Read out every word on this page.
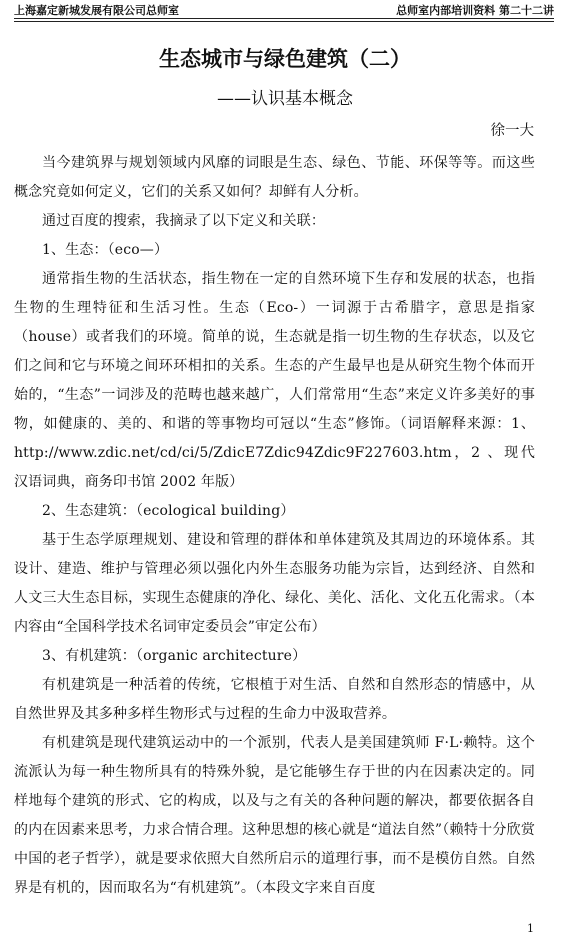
上海嘉定新城发展有限公司总师室	总师室内部培训资料 第二十二讲
生态城市与绿色建筑（二）
——认识基本概念
徐一大

当今建筑界与规划领域内风靡的词眼是生态、绿色、节能、环保等等。而这些概念究竟如何定义，它们的关系又如何？却鲜有人分析。

通过百度的搜索，我摘录了以下定义和关联：

1、生态：（eco—）

通常指生物的生活状态，指生物在一定的自然环境下生存和发展的状态，也指生物的生理特征和生活习性。生态（Eco-）一词源于古希腊字，意思是指家（house）或者我们的环境。简单的说，生态就是指一切生物的生存状态，以及它们之间和它与环境之间环环相扣的关系。生态的产生最早也是从研究生物个体而开始的，“生态”一词涉及的范畴也越来越广，人们常常用“生态”来定义许多美好的事物，如健康的、美的、和谐的等事物均可冠以“生态”修饰。（词语解释来源：1、http://www.zdic.net/cd/ci/5/ZdicE7Zdic94Zdic9F227603.htm，2 、现代汉语词典，商务印书馆 2002 年版）

2、生态建筑：（ecological building）

基于生态学原理规划、建设和管理的群体和单体建筑及其周边的环境体系。其设计、建造、维护与管理必须以强化内外生态服务功能为宗旨，达到经济、自然和人文三大生态目标，实现生态健康的净化、绿化、美化、活化、文化五化需求。（本内容由“全国科学技术名词审定委员会”审定公布）

3、有机建筑：（organic architecture）

有机建筑是一种活着的传统，它根植于对生活、自然和自然形态的情感中，从自然世界及其多种多样生物形式与过程的生命力中汲取营养。

有机建筑是现代建筑运动中的一个派别，代表人是美国建筑师 F·L·赖特。这个流派认为每一种生物所具有的特殊外貌，是它能够生存于世的内在因素决定的。同样地每个建筑的形式、它的构成，以及与之有关的各种问题的解决，都要依据各自的内在因素来思考，力求合情合理。这种思想的核心就是“道法自然”（赖特十分欣赏中国的老子哲学），就是要求依照大自然所启示的道理行事，而不是模仿自然。自然界是有机的，因而取名为“有机建筑”。（本段文字来自百度

1
